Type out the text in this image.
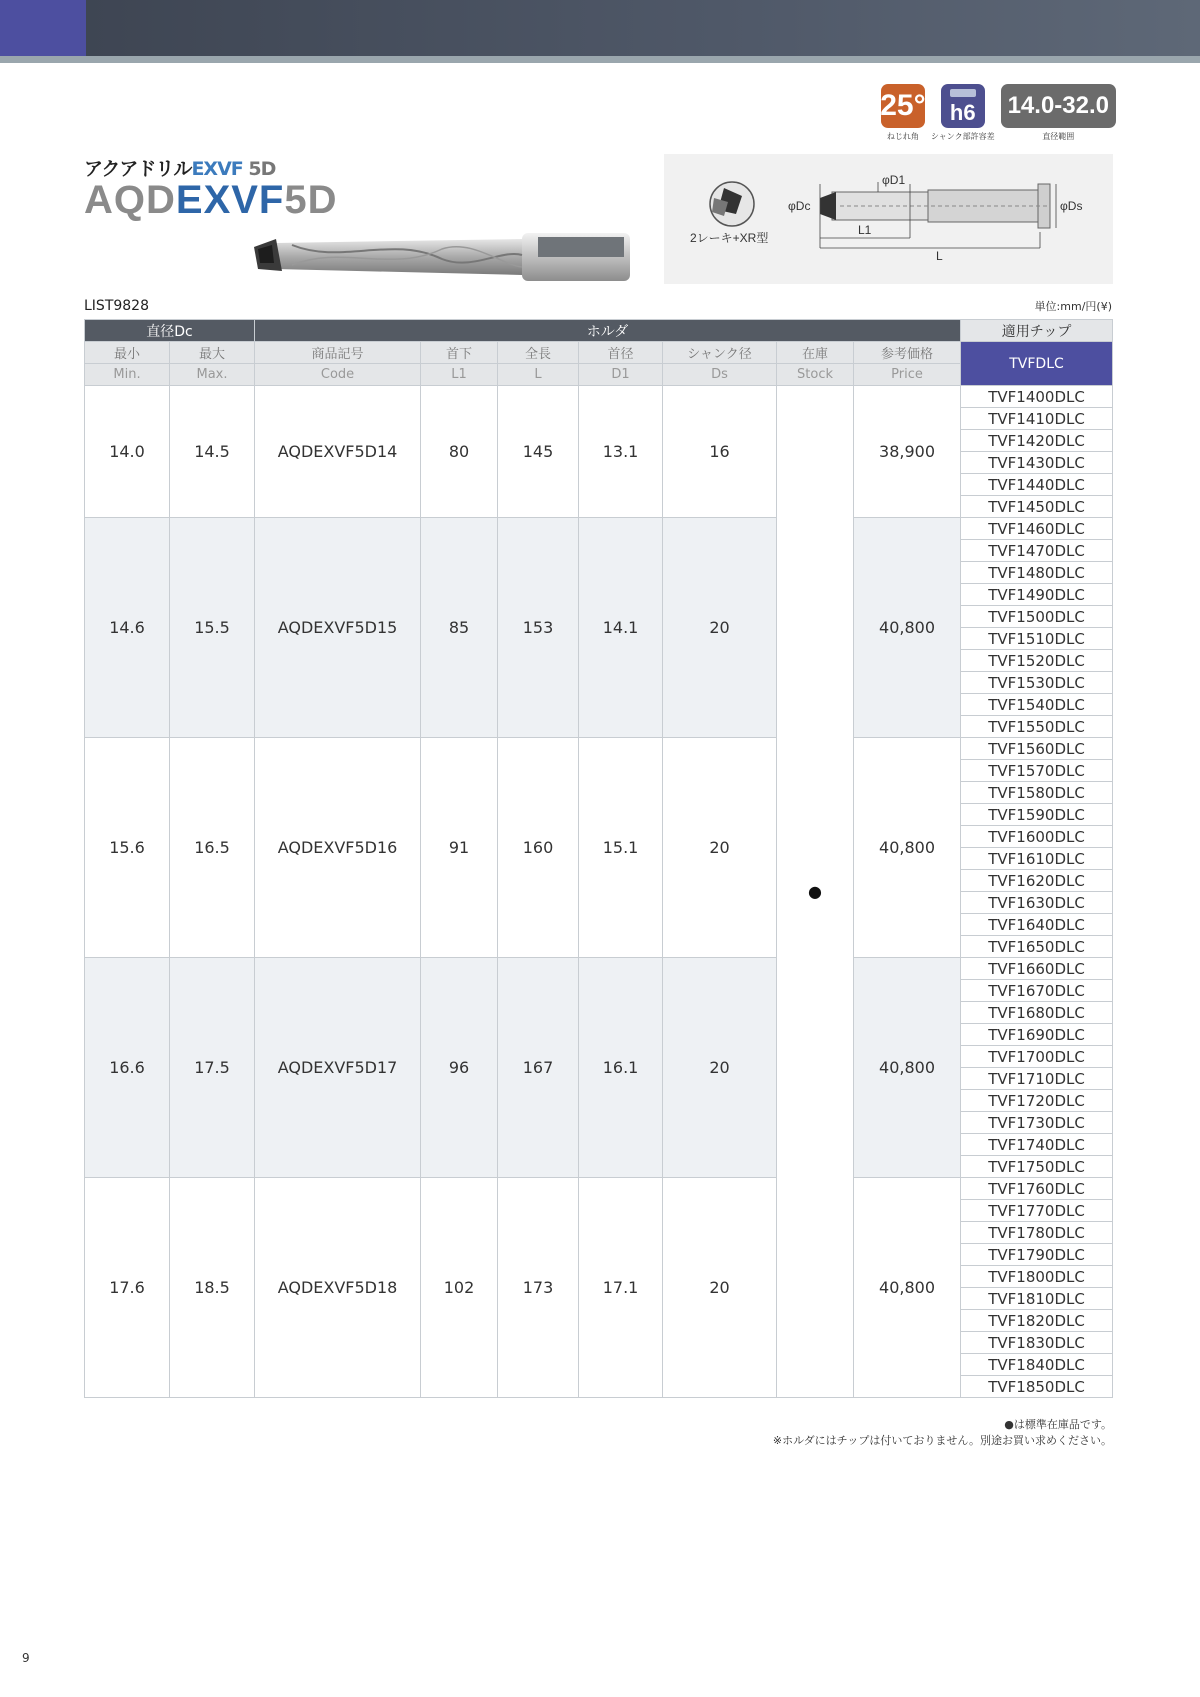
25°
ねじれ角
h6
シャンク部許容差
14.0-32.0
直径範囲
アクアドリルEXVF 5D
AQDEXVF5D
2レーキ+XR型
φD1
φDc	φDs
L1
L
LIST9828	単位:mm/円(¥)
直径Dc		ホルダ							適用チップ
最小	最大	商品記号	首下	全長	首径	シャンク径	在庫	参考価格	TVFDLC
Min.	Max.	Code	L1	L	D1	Ds	Stock	Price	
14.0	14.5	AQDEXVF5D14	80	145	13.1	16	●	38,900	TVF1400DLC
									TVF1410DLC
									TVF1420DLC
									TVF1430DLC
									TVF1440DLC
									TVF1450DLC
14.6	15.5	AQDEXVF5D15	85	153	14.1	20		40,800	TVF1460DLC
									TVF1470DLC
									TVF1480DLC
									TVF1490DLC
									TVF1500DLC
									TVF1510DLC
									TVF1520DLC
									TVF1530DLC
									TVF1540DLC
									TVF1550DLC
15.6	16.5	AQDEXVF5D16	91	160	15.1	20		40,800	TVF1560DLC
									TVF1570DLC
									TVF1580DLC
									TVF1590DLC
									TVF1600DLC
									TVF1610DLC
									TVF1620DLC
									TVF1630DLC
									TVF1640DLC
									TVF1650DLC
16.6	17.5	AQDEXVF5D17	96	167	16.1	20		40,800	TVF1660DLC
									TVF1670DLC
									TVF1680DLC
									TVF1690DLC
									TVF1700DLC
									TVF1710DLC
									TVF1720DLC
									TVF1730DLC
									TVF1740DLC
									TVF1750DLC
17.6	18.5	AQDEXVF5D18	102	173	17.1	20		40,800	TVF1760DLC
									TVF1770DLC
									TVF1780DLC
									TVF1790DLC
									TVF1800DLC
									TVF1810DLC
									TVF1820DLC
									TVF1830DLC
									TVF1840DLC
									TVF1850DLC
●は標準在庫品です。
※ホルダにはチップは付いておりません。別途お買い求めください。
9
